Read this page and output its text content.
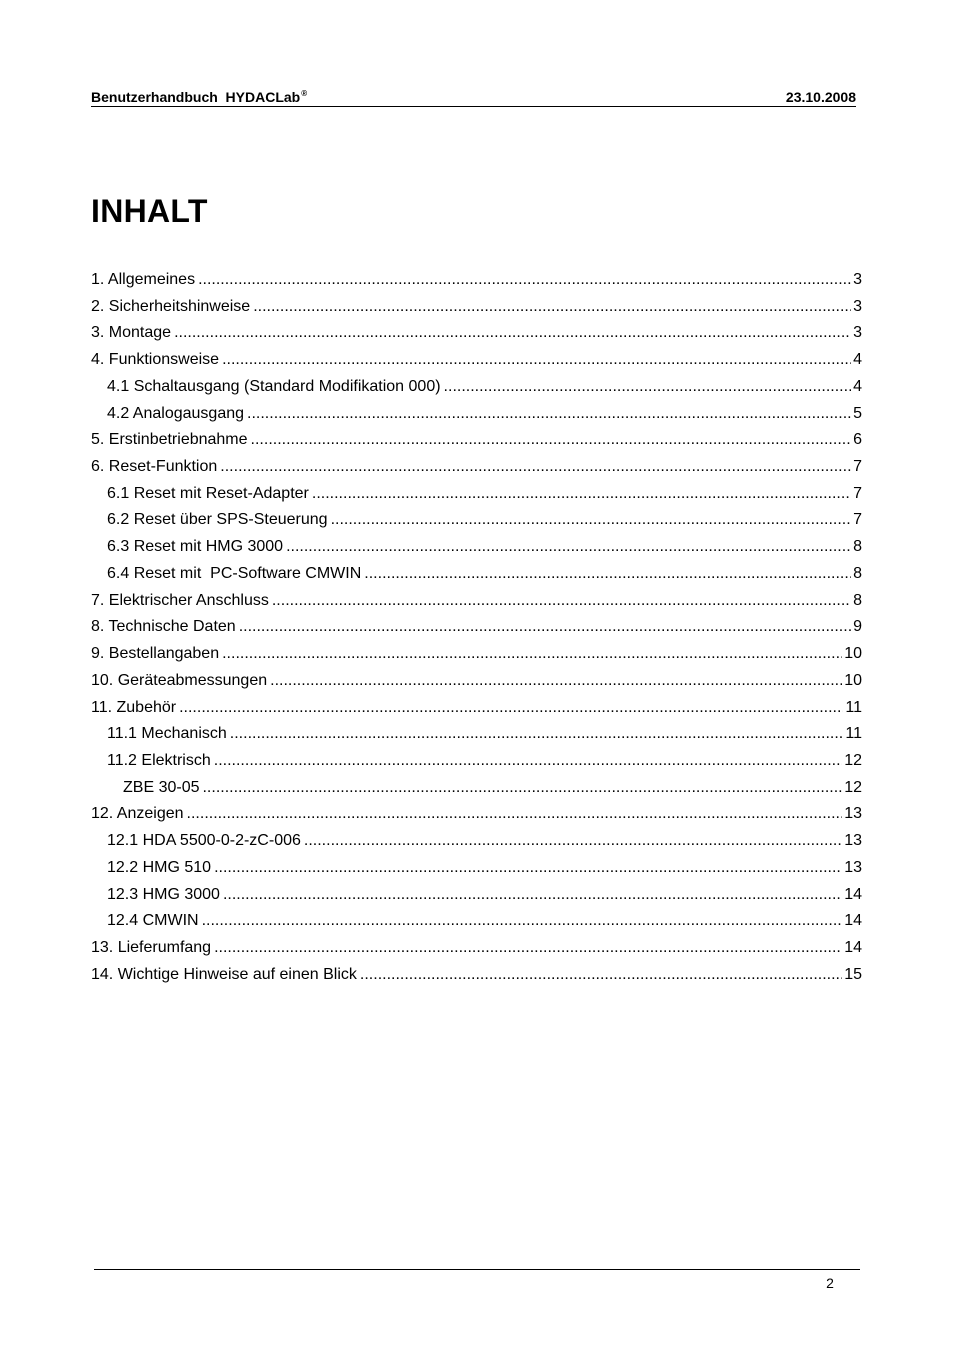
Benutzerhandbuch  HYDACLab®	23.10.2008
INHALT
1. Allgemeines .....	3
2. Sicherheitshinweise .....	3
3. Montage .....	3
4. Funktionsweise .....	4
4.1 Schaltausgang (Standard Modifikation 000) .....	4
4.2 Analogausgang .....	5
5. Erstinbetriebnahme .....	6
6. Reset-Funktion .....	7
6.1 Reset mit Reset-Adapter .....	7
6.2 Reset über SPS-Steuerung .....	7
6.3 Reset mit HMG 3000 .....	8
6.4 Reset mit  PC-Software CMWIN .....	8
7. Elektrischer Anschluss .....	8
8. Technische Daten .....	9
9. Bestellangaben .....	10
10. Geräteabmessungen .....	10
11. Zubehör .....	11
11.1 Mechanisch .....	11
11.2 Elektrisch .....	12
ZBE 30-05 .....	12
12. Anzeigen .....	13
12.1 HDA 5500-0-2-zC-006 .....	13
12.2 HMG 510 .....	13
12.3 HMG 3000 .....	14
12.4 CMWIN .....	14
13. Lieferumfang .....	14
14. Wichtige Hinweise auf einen Blick .....	15
2
